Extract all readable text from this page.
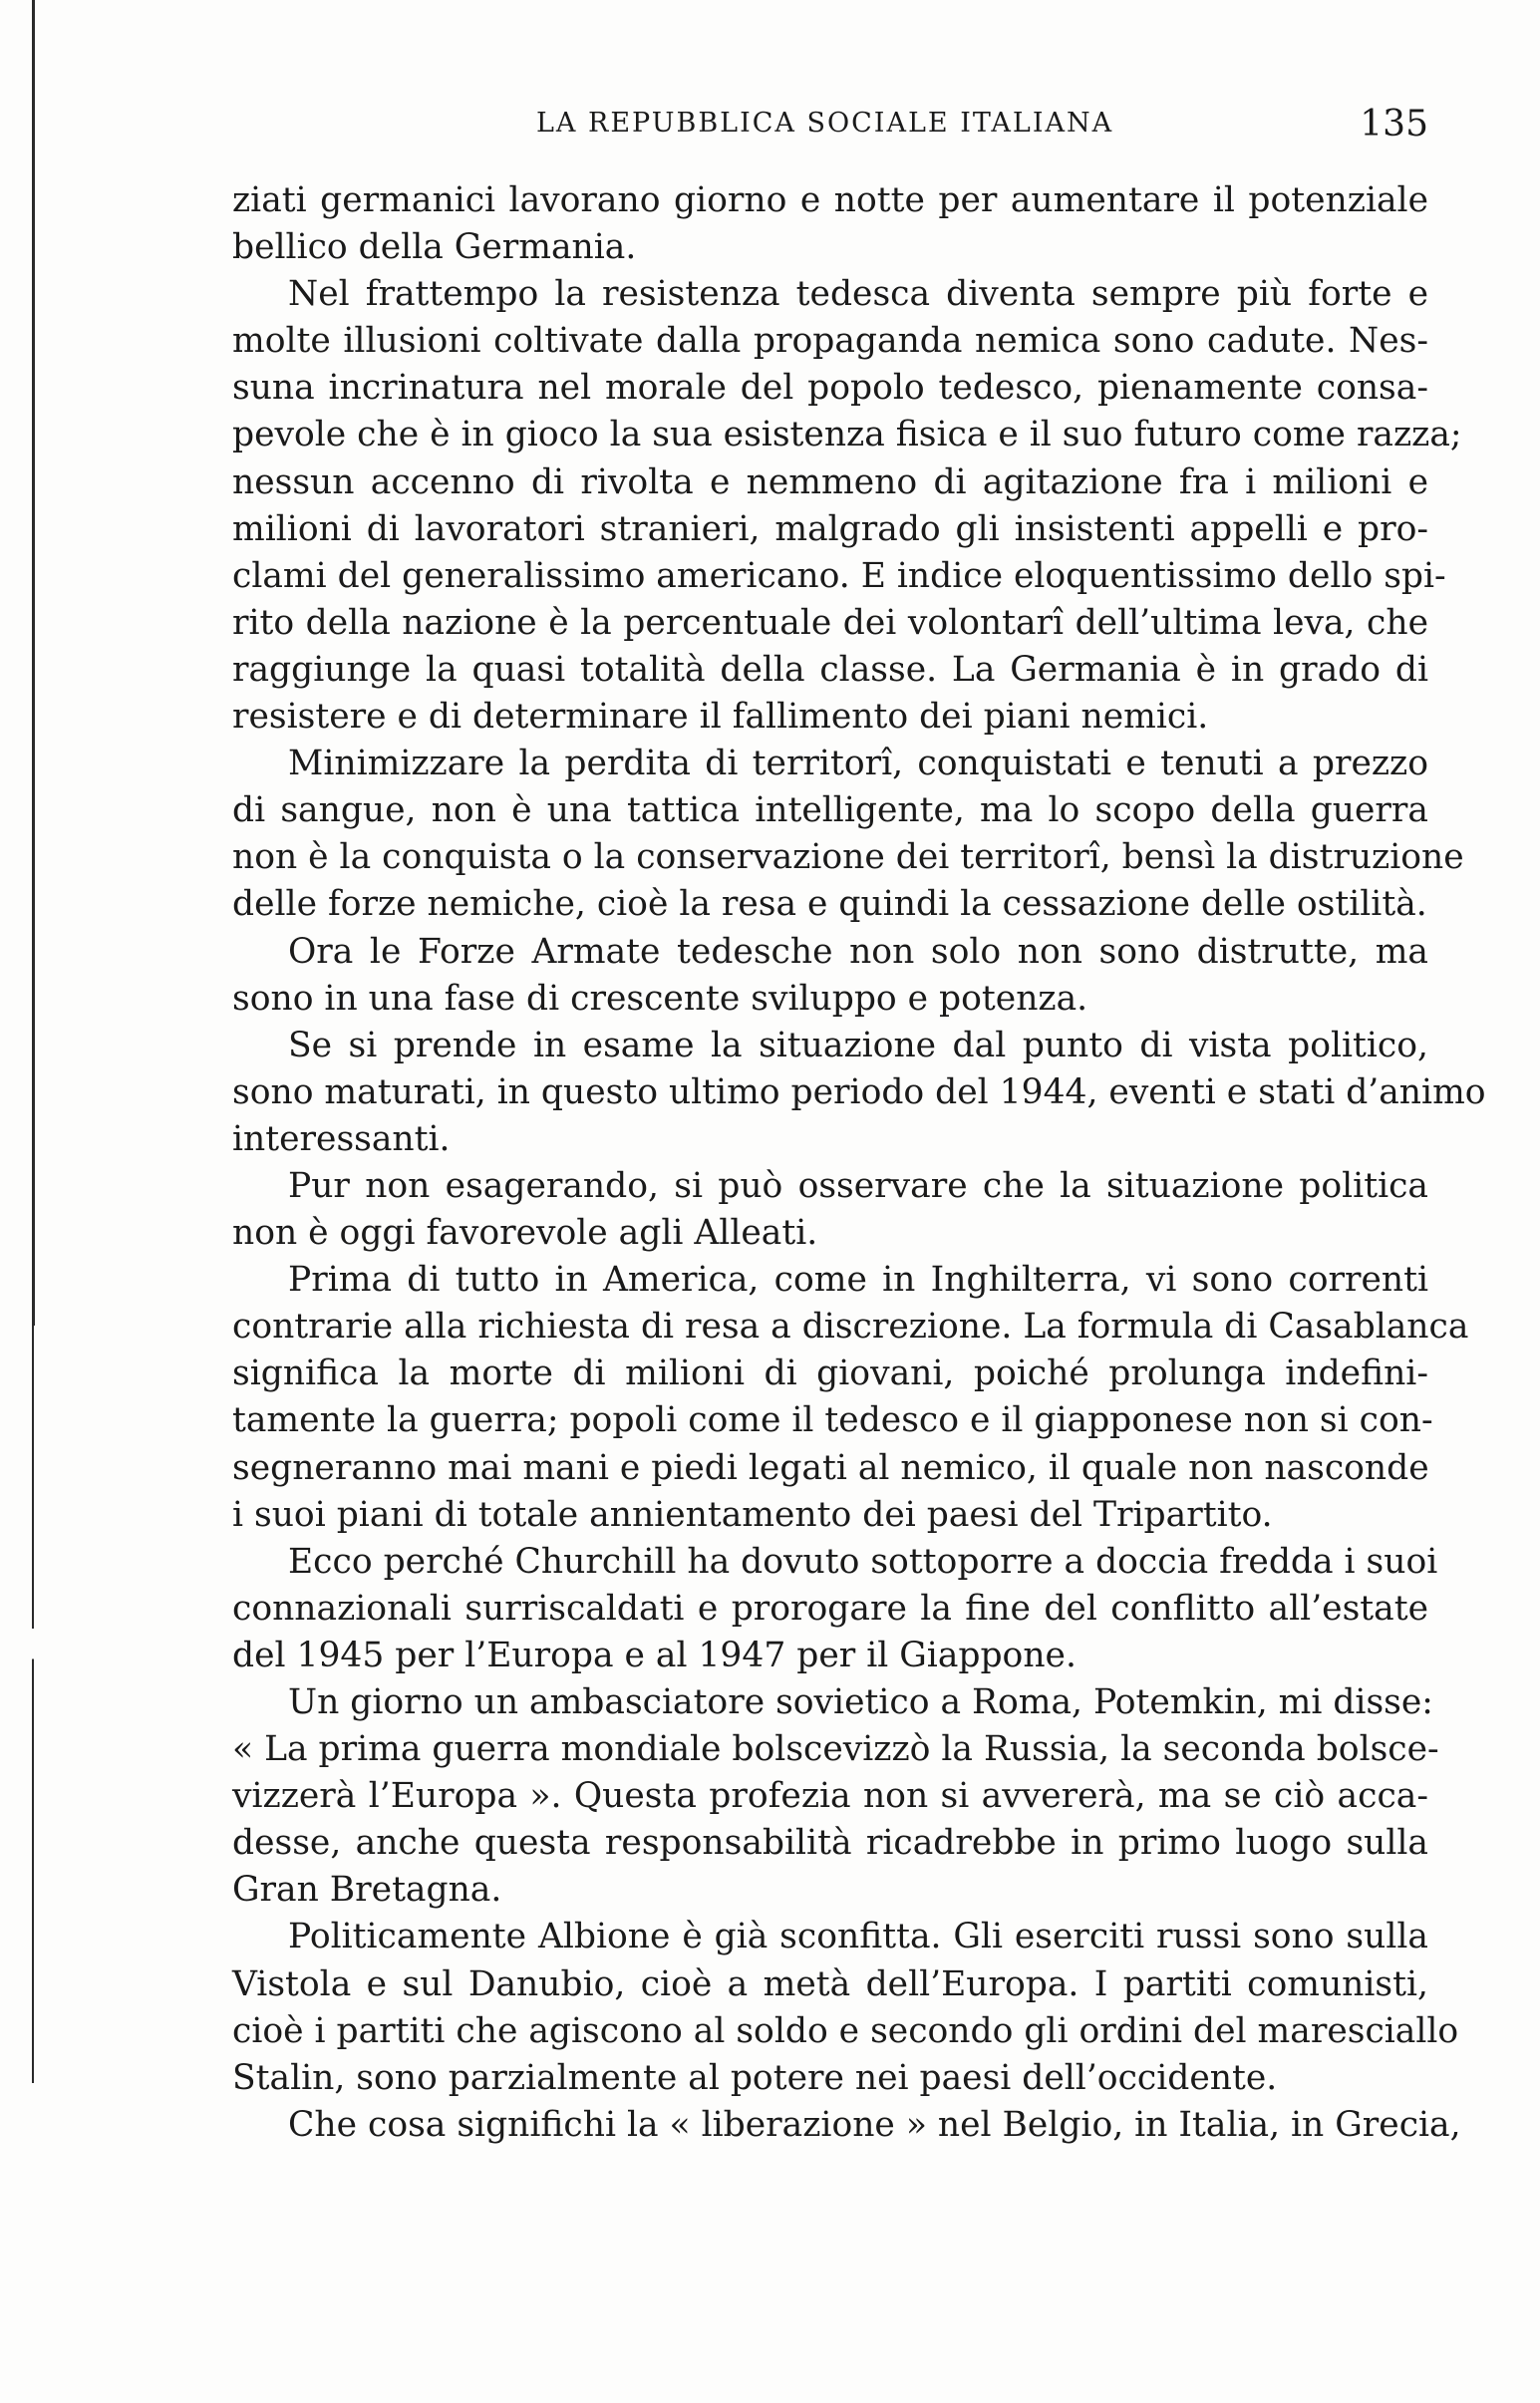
LA REPUBBLICA SOCIALE ITALIANA	135
ziati germanici lavorano giorno e notte per aumentare il potenziale
bellico della Germania.
Nel frattempo la resistenza tedesca diventa sempre più forte e
molte illusioni coltivate dalla propaganda nemica sono cadute. Nes-
suna incrinatura nel morale del popolo tedesco, pienamente consa-
pevole che è in gioco la sua esistenza fisica e il suo futuro come razza;
nessun accenno di rivolta e nemmeno di agitazione fra i milioni e
milioni di lavoratori stranieri, malgrado gli insistenti appelli e pro-
clami del generalissimo americano. E indice eloquentissimo dello spi-
rito della nazione è la percentuale dei volontarî dell’ultima leva, che
raggiunge la quasi totalità della classe. La Germania è in grado di
resistere e di determinare il fallimento dei piani nemici.
Minimizzare la perdita di territorî, conquistati e tenuti a prezzo
di sangue, non è una tattica intelligente, ma lo scopo della guerra
non è la conquista o la conservazione dei territorî, bensì la distruzione
delle forze nemiche, cioè la resa e quindi la cessazione delle ostilità.
Ora le Forze Armate tedesche non solo non sono distrutte, ma
sono in una fase di crescente sviluppo e potenza.
Se si prende in esame la situazione dal punto di vista politico,
sono maturati, in questo ultimo periodo del 1944, eventi e stati d’animo
interessanti.
Pur non esagerando, si può osservare che la situazione politica
non è oggi favorevole agli Alleati.
Prima di tutto in America, come in Inghilterra, vi sono correnti
contrarie alla richiesta di resa a discrezione. La formula di Casablanca
significa la morte di milioni di giovani, poiché prolunga indefini-
tamente la guerra; popoli come il tedesco e il giapponese non si con-
segneranno mai mani e piedi legati al nemico, il quale non nasconde
i suoi piani di totale annientamento dei paesi del Tripartito.
Ecco perché Churchill ha dovuto sottoporre a doccia fredda i suoi
connazionali surriscaldati e prorogare la fine del conflitto all’estate
del 1945 per l’Europa e al 1947 per il Giappone.
Un giorno un ambasciatore sovietico a Roma, Potemkin, mi disse:
« La prima guerra mondiale bolscevizzò la Russia, la seconda bolsce-
vizzerà l’Europa ». Questa profezia non si avvererà, ma se ciò acca-
desse, anche questa responsabilità ricadrebbe in primo luogo sulla
Gran Bretagna.
Politicamente Albione è già sconfitta. Gli eserciti russi sono sulla
Vistola e sul Danubio, cioè a metà dell’Europa. I partiti comunisti,
cioè i partiti che agiscono al soldo e secondo gli ordini del maresciallo
Stalin, sono parzialmente al potere nei paesi dell’occidente.
Che cosa significhi la « liberazione » nel Belgio, in Italia, in Grecia,
